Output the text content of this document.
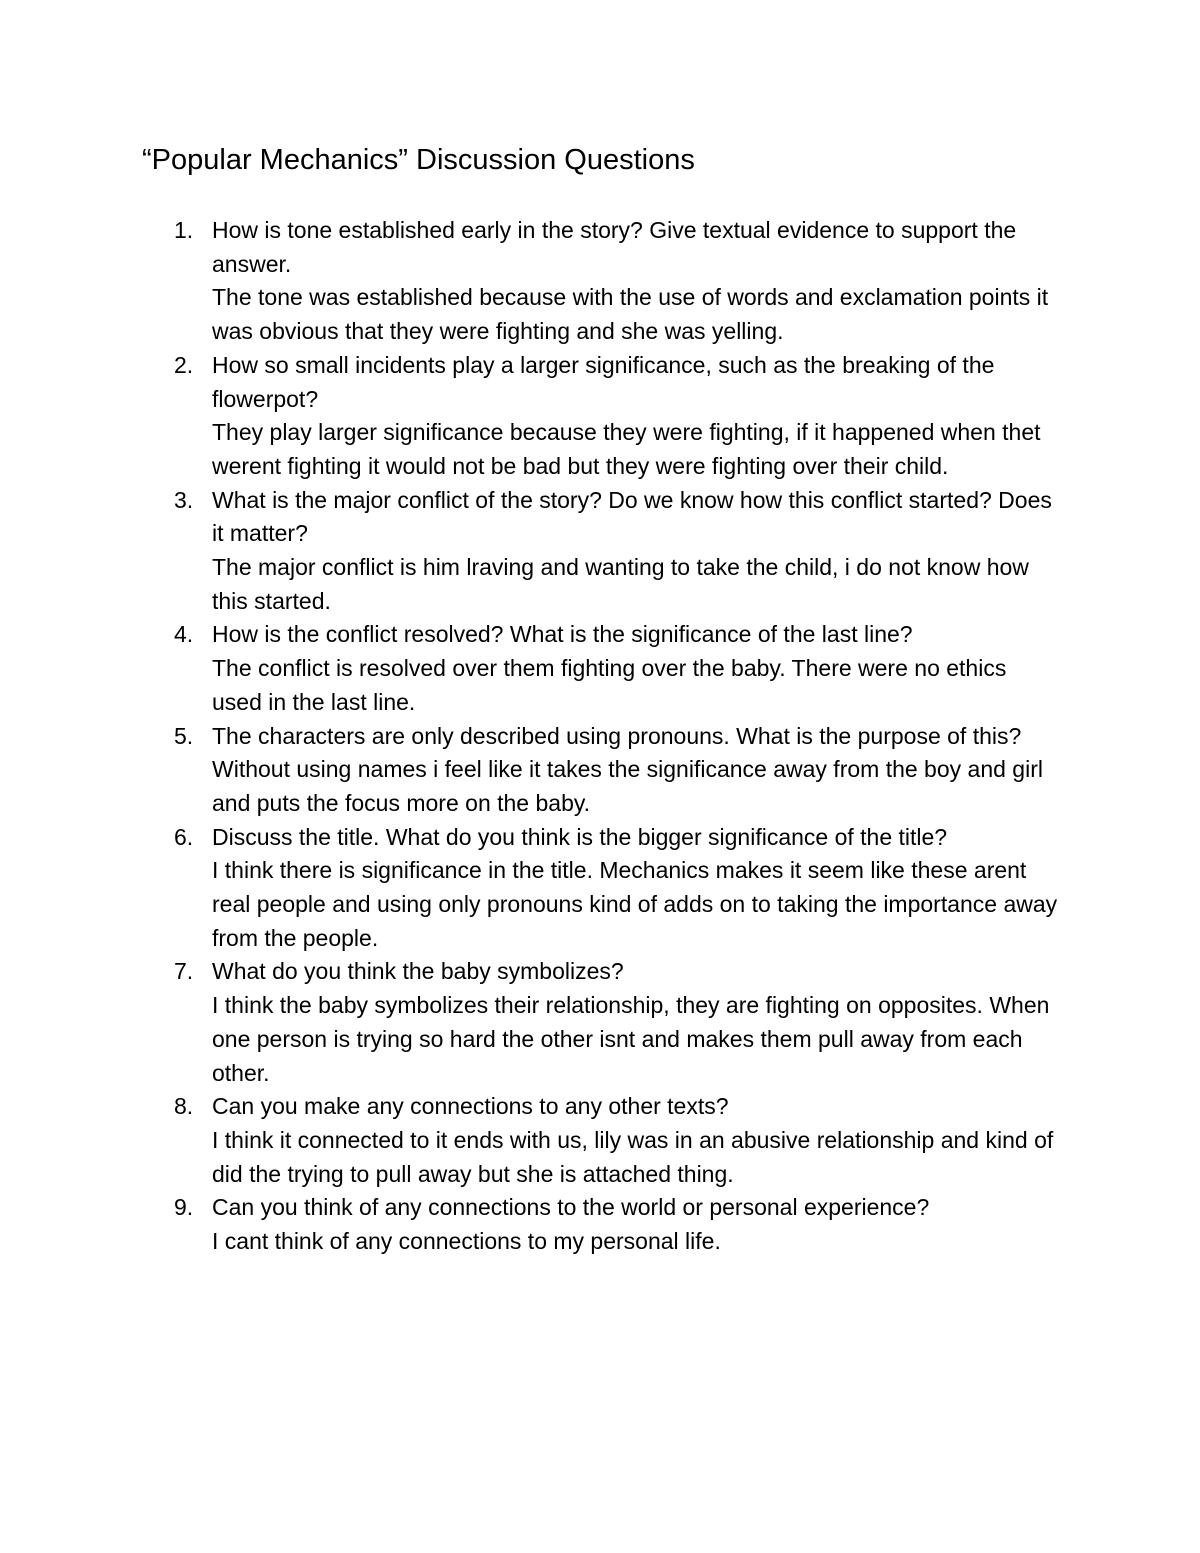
“Popular Mechanics” Discussion Questions
1. How is tone established early in the story? Give textual evidence to support the answer.
The tone was established because with the use of words and exclamation points it was obvious that they were fighting and she was yelling.
2. How so small incidents play a larger significance, such as the breaking of the flowerpot?
They play larger significance because they were fighting, if it happened when thet werent fighting it would not be bad but they were fighting over their child.
3. What is the major conflict of the story? Do we know how this conflict started? Does it matter?
The major conflict is him lraving and wanting to take the child, i do not know how this started.
4. How is the conflict resolved? What is the significance of the last line?
The conflict is resolved over them fighting over the baby. There were no ethics used in the last line.
5. The characters are only described using pronouns. What is the purpose of this?
Without using names i feel like it takes the significance away from the boy and girl and puts the focus more on the baby.
6. Discuss the title. What do you think is the bigger significance of the title?
I think there is significance in the title. Mechanics makes it seem like these arent real people and using only pronouns kind of adds on to taking the importance away from the people.
7. What do you think the baby symbolizes?
I think the baby symbolizes their relationship, they are fighting on opposites. When one person is trying so hard the other isnt and makes them pull away from each other.
8. Can you make any connections to any other texts?
I think it connected to it ends with us, lily was in an abusive relationship and kind of did the trying to pull away but she is attached thing.
9. Can you think of any connections to the world or personal experience?
I cant think of any connections to my personal life.
